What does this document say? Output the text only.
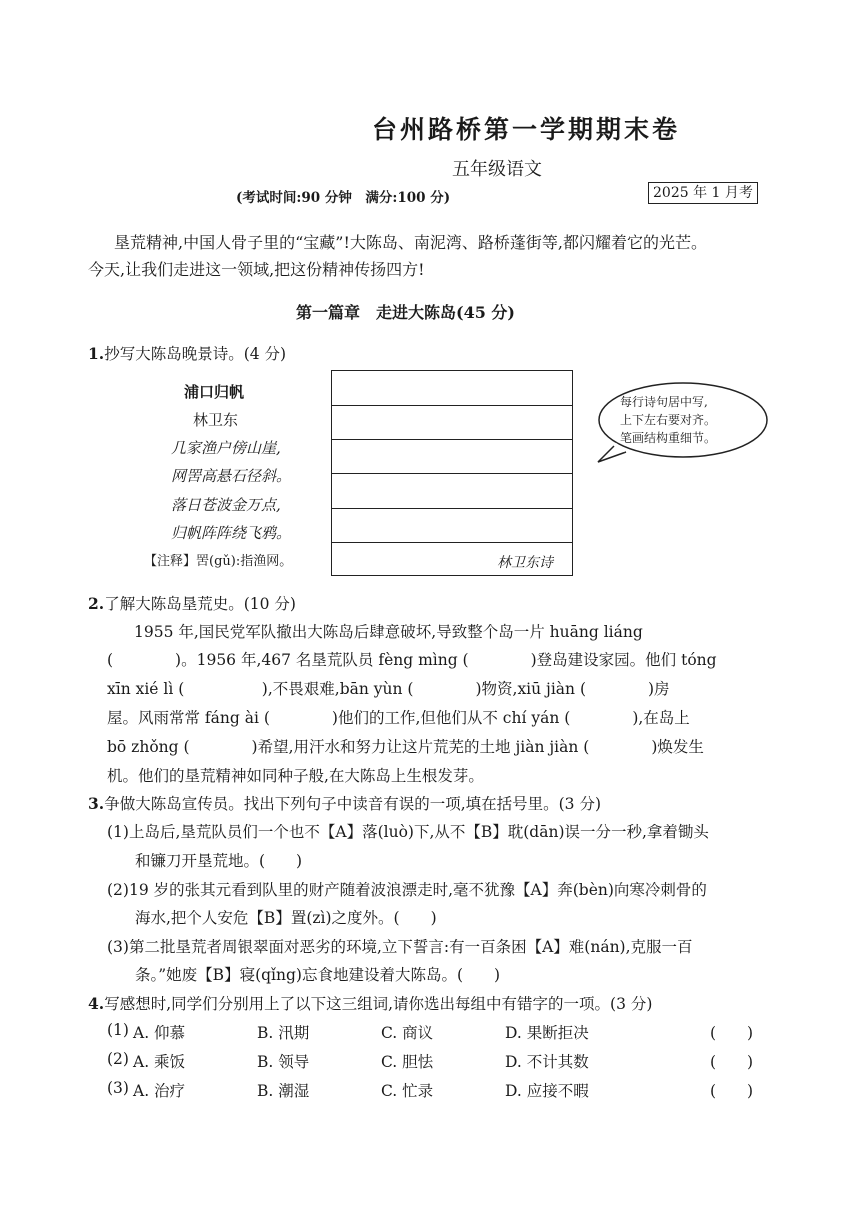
台州路桥第一学期期末卷
五年级语文
(考试时间:90 分钟　满分:100 分)	2025 年 1 月考
垦荒精神,中国人骨子里的“宝藏”!大陈岛、南泥湾、路桥蓬街等,都闪耀着它的光芒。
今天,让我们走进这一领域,把这份精神传扬四方!
第一篇章　走进大陈岛(45 分)
1.抄写大陈岛晚景诗。(4 分)
浦口归帆
林卫东
几家渔户傍山崖,
网罟高悬石径斜。
落日苍波金万点,
归帆阵阵绕飞鸦。
【注释】罟(gǔ):指渔网。	林卫东诗
每行诗句居中写,
上下左右要对齐。
笔画结构重细节。
2.了解大陈岛垦荒史。(10 分)
1955 年,国民党军队撤出大陈岛后肆意破坏,导致整个岛一片 huāng liáng
(　　　　)。1956 年,467 名垦荒队员 fèng mìng (　　　　)登岛建设家园。他们 tóng
xīn xié lì (　　　　　),不畏艰难,bān yùn (　　　　)物资,xiū jiàn (　　　　)房
屋。风雨常常 fáng ài (　　　　)他们的工作,但他们从不 chí yán (　　　　),在岛上
bō zhǒng (　　　　)希望,用汗水和努力让这片荒芜的土地 jiàn jiàn (　　　　)焕发生
机。他们的垦荒精神如同种子般,在大陈岛上生根发芽。
3.争做大陈岛宣传员。找出下列句子中读音有误的一项,填在括号里。(3 分)
(1)上岛后,垦荒队员们一个也不【A】落(luò)下,从不【B】耽(dān)误一分一秒,拿着锄头
和镰刀开垦荒地。(　　)
(2)19 岁的张其元看到队里的财产随着波浪漂走时,毫不犹豫【A】奔(bèn)向寒冷刺骨的
海水,把个人安危【B】置(zì)之度外。(　　)
(3)第二批垦荒者周银翠面对恶劣的环境,立下誓言:有一百条困【A】难(nán),克服一百
条。”她废【B】寝(qǐng)忘食地建设着大陈岛。(　　)
4.写感想时,同学们分别用上了以下这三组词,请你选出每组中有错字的一项。(3 分)
(1) A. 仰慕	B. 汛期	C. 商议	D. 果断拒决	(　　)
(2) A. 乘饭	B. 领导	C. 胆怯	D. 不计其数	(　　)
(3) A. 治疗	B. 潮湿	C. 忙录	D. 应接不暇	(　　)
